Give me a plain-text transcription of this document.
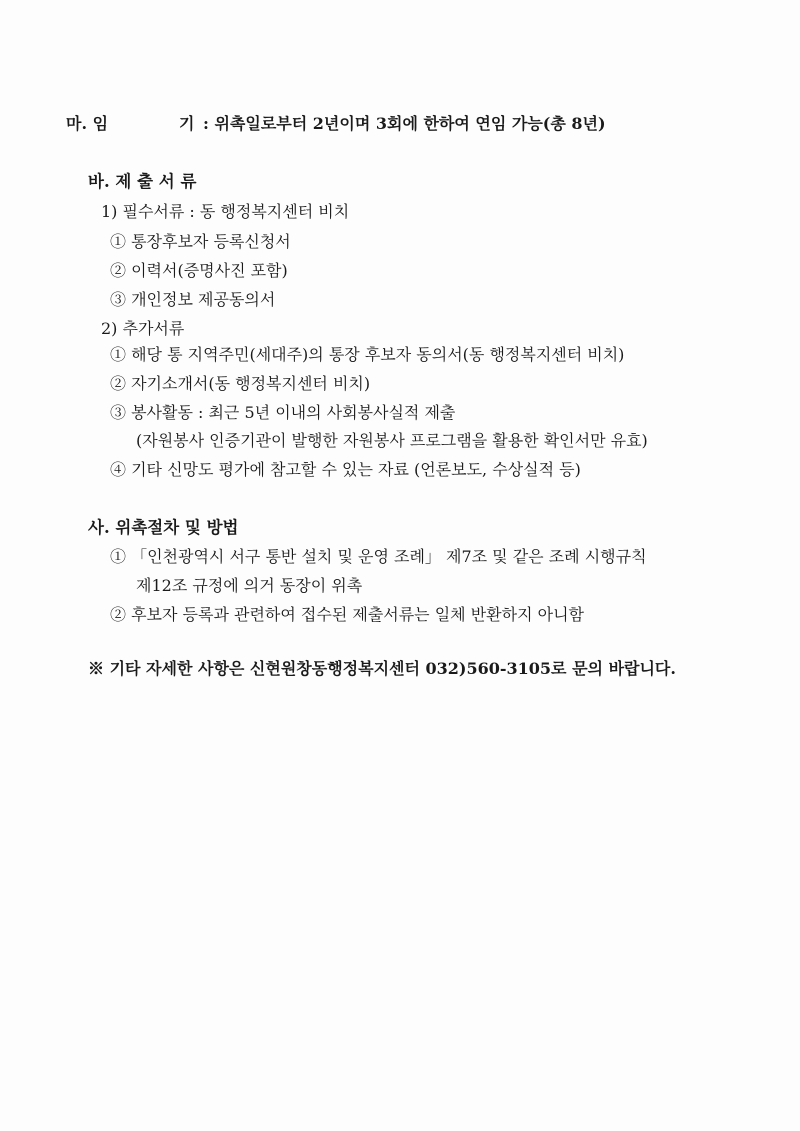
마. 임	기 : 위촉일로부터 2년이며 3회에 한하여 연임 가능(총 8년)
바. 제 출 서 류
1) 필수서류 : 동 행정복지센터 비치
① 통장후보자 등록신청서
② 이력서(증명사진 포함)
③ 개인정보 제공동의서
2) 추가서류
① 해당 통 지역주민(세대주)의 통장 후보자 동의서(동 행정복지센터 비치)
② 자기소개서(동 행정복지센터 비치)
③ 봉사활동 : 최근 5년 이내의 사회봉사실적 제출
(자원봉사 인증기관이 발행한 자원봉사 프로그램을 활용한 확인서만 유효)
④ 기타 신망도 평가에 참고할 수 있는 자료 (언론보도, 수상실적 등)
사. 위촉절차 및 방법
① 「인천광역시 서구 통반 설치 및 운영 조례」 제7조 및 같은 조례 시행규칙
제12조 규정에 의거 동장이 위촉
② 후보자 등록과 관련하여 접수된 제출서류는 일체 반환하지 아니함
※ 기타 자세한 사항은 신현원창동행정복지센터 032)560-3105로 문의 바랍니다.
